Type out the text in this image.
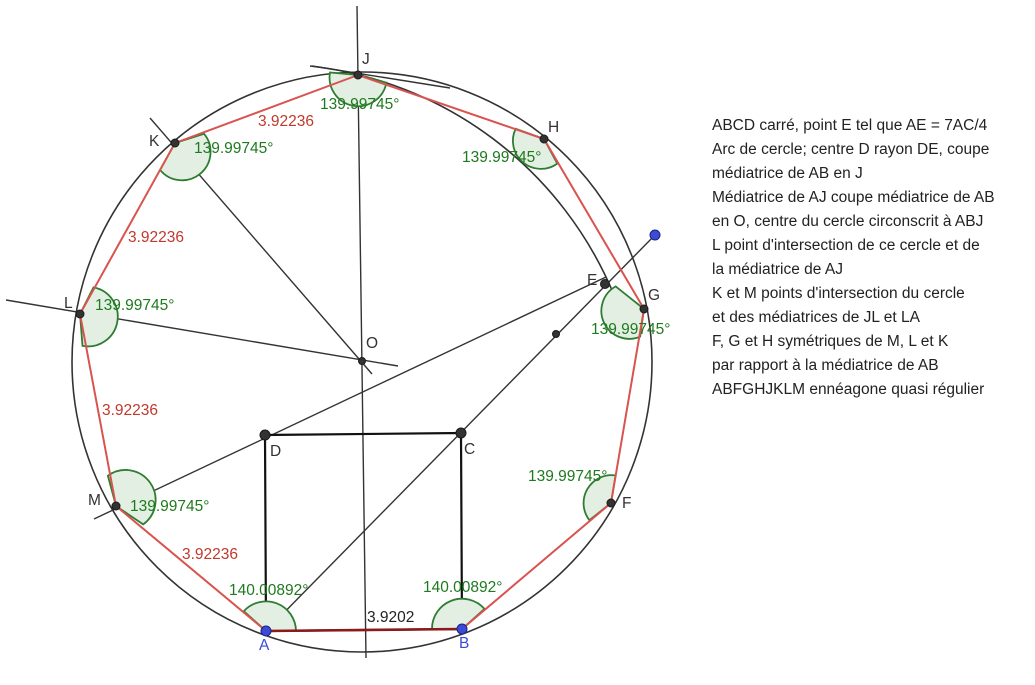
3.9202
3.92236
3.92236
3.92236
3.92236
140.00892°	140.00892°
139.99745°
139.99745°
139.99745°
139.99745°
139.99745°
139.99745°
139.99745°
A	B
C
D
E
F
G
H
J
K
L
M
O
ABCD carré, point E tel que AE = 7AC/4
Arc de cercle; centre D rayon DE, coupe
médiatrice de AB en J
Médiatrice de AJ coupe médiatrice de AB
en O, centre du cercle circonscrit à ABJ
L point d'intersection de ce cercle et de
la médiatrice de AJ
K et M points d'intersection du cercle
et des médiatrices de JL et LA
F, G et H symétriques de M, L et K
par rapport à la médiatrice de AB
ABFGHJKLM ennéagone quasi régulier
